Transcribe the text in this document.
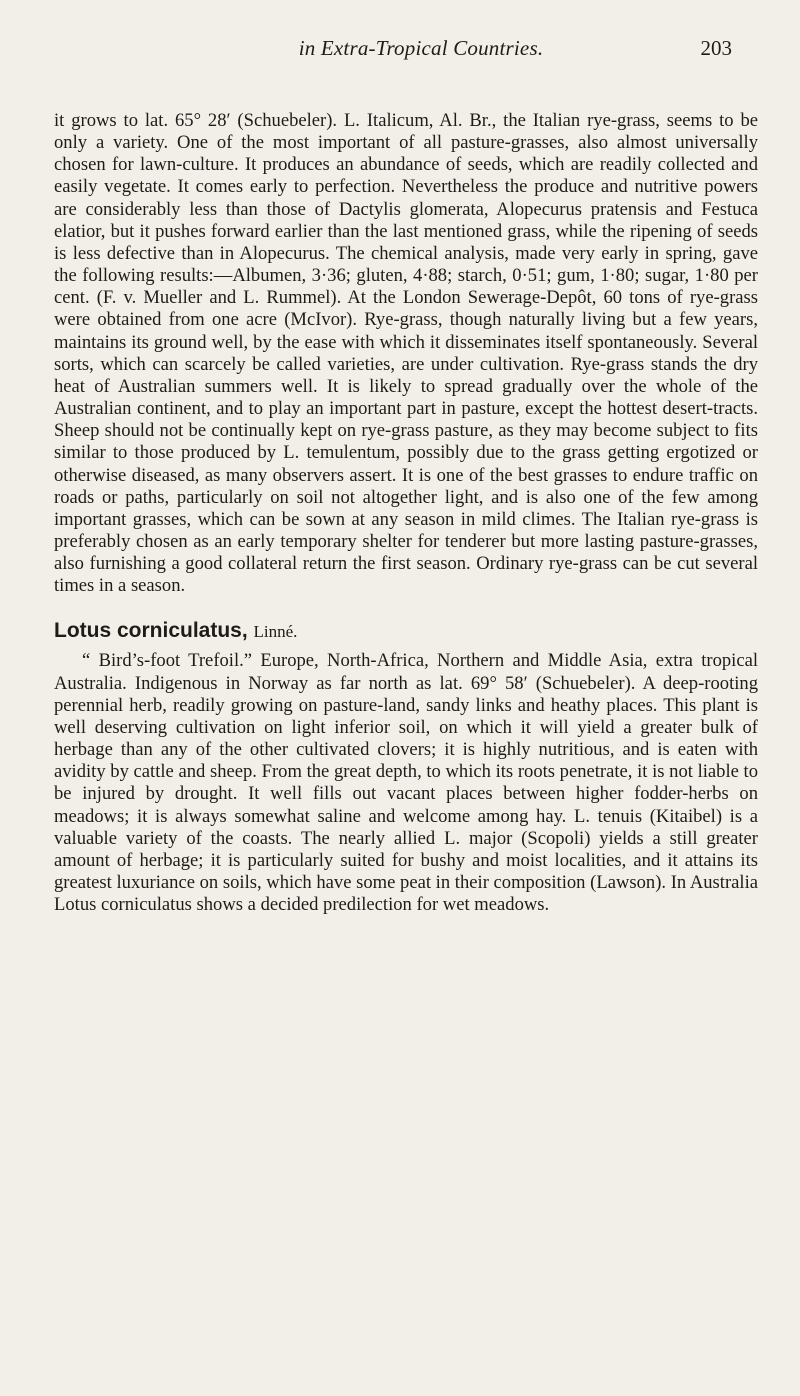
in Extra-Tropical Countries.	203

it grows to lat. 65° 28′ (Schuebeler). L. Italicum, Al. Br., the Italian rye-grass, seems to be only a variety. One of the most important of all pasture-grasses, also almost universally chosen for lawn-culture. It produces an abundance of seeds, which are readily collected and easily vegetate. It comes early to perfection. Nevertheless the produce and nutritive powers are considerably less than those of Dactylis glomerata, Alopecurus pratensis and Festuca elatior, but it pushes forward earlier than the last mentioned grass, while the ripening of seeds is less defective than in Alopecurus. The chemical analysis, made very early in spring, gave the following results:—Albumen, 3·36; gluten, 4·88; starch, 0·51; gum, 1·80; sugar, 1·80 per cent. (F. v. Mueller and L. Rummel). At the London Sewerage-Depôt, 60 tons of rye-grass were obtained from one acre (McIvor). Rye-grass, though naturally living but a few years, maintains its ground well, by the ease with which it disseminates itself spontaneously. Several sorts, which can scarcely be called varieties, are under cultivation. Rye-grass stands the dry heat of Australian summers well. It is likely to spread gradually over the whole of the Australian continent, and to play an important part in pasture, except the hottest desert-tracts. Sheep should not be continually kept on rye-grass pasture, as they may become subject to fits similar to those produced by L. temulentum, possibly due to the grass getting ergotized or otherwise diseased, as many observers assert. It is one of the best grasses to endure traffic on roads or paths, particularly on soil not altogether light, and is also one of the few among important grasses, which can be sown at any season in mild climes. The Italian rye-grass is preferably chosen as an early temporary shelter for tenderer but more lasting pasture-grasses, also furnishing a good collateral return the first season. Ordinary rye-grass can be cut several times in a season.

Lotus corniculatus, Linné.

“ Bird’s-foot Trefoil.” Europe, North-Africa, Northern and Middle Asia, extra tropical Australia. Indigenous in Norway as far north as lat. 69° 58′ (Schuebeler). A deep-rooting perennial herb, readily growing on pasture-land, sandy links and heathy places. This plant is well deserving cultivation on light inferior soil, on which it will yield a greater bulk of herbage than any of the other cultivated clovers; it is highly nutritious, and is eaten with avidity by cattle and sheep. From the great depth, to which its roots penetrate, it is not liable to be injured by drought. It well fills out vacant places between higher fodder-herbs on meadows; it is always somewhat saline and welcome among hay. L. tenuis (Kitaibel) is a valuable variety of the coasts. The nearly allied L. major (Scopoli) yields a still greater amount of herbage; it is particularly suited for bushy and moist localities, and it attains its greatest luxuriance on soils, which have some peat in their composition (Lawson). In Australia Lotus corniculatus shows a decided predilection for wet meadows.
